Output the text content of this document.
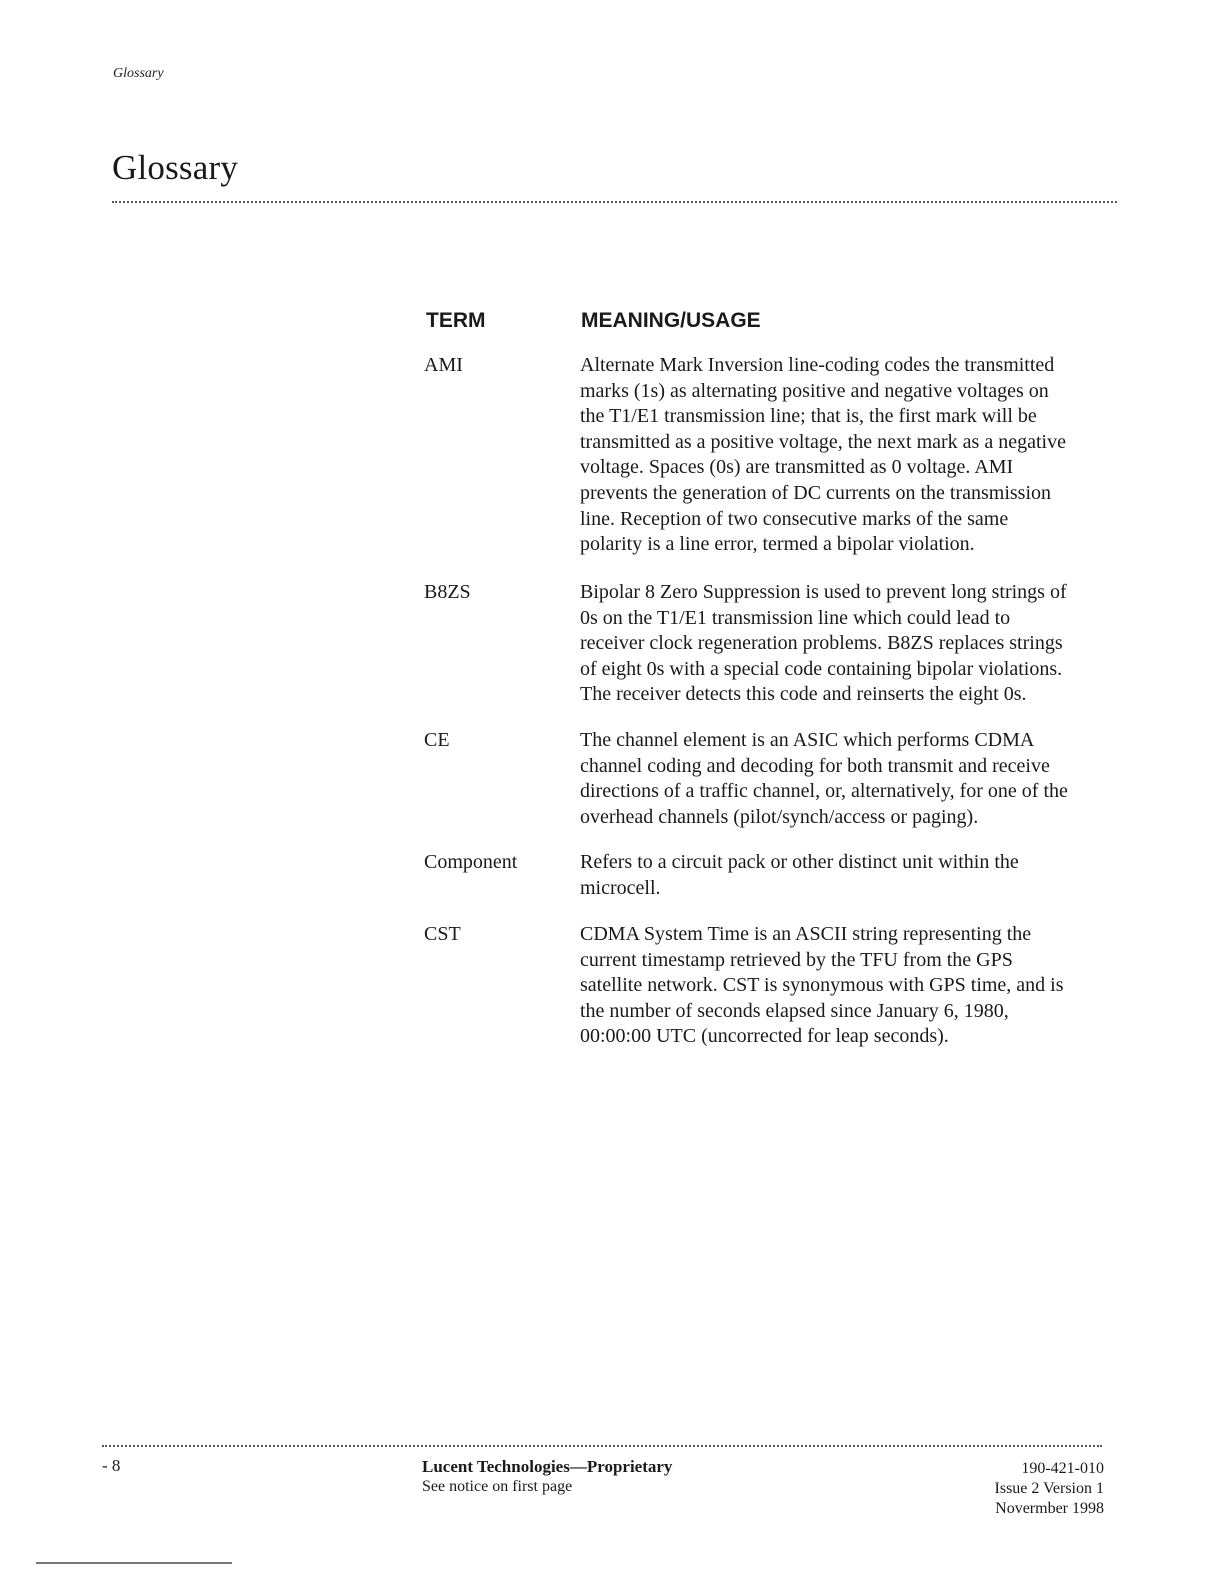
Glossary
Glossary
TERM	MEANING/USAGE
AMI	Alternate Mark Inversion line-coding codes the transmitted
marks (1s) as alternating positive and negative voltages on
the T1/E1 transmission line; that is, the first mark will be
transmitted as a positive voltage, the next mark as a negative
voltage. Spaces (0s) are transmitted as 0 voltage. AMI
prevents the generation of DC currents on the transmission
line. Reception of two consecutive marks of the same
polarity is a line error, termed a bipolar violation.

B8ZS	Bipolar 8 Zero Suppression is used to prevent long strings of
0s on the T1/E1 transmission line which could lead to
receiver clock regeneration problems. B8ZS replaces strings
of eight 0s with a special code containing bipolar violations.
The receiver detects this code and reinserts the eight 0s.

CE	The channel element is an ASIC which performs CDMA
channel coding and decoding for both transmit and receive
directions of a traffic channel, or, alternatively, for one of the
overhead channels (pilot/synch/access or paging).

Component	Refers to a circuit pack or other distinct unit within the
microcell.

CST	CDMA System Time is an ASCII string representing the
current timestamp retrieved by the TFU from the GPS
satellite network. CST is synonymous with GPS time, and is
the number of seconds elapsed since January 6, 1980,
00:00:00 UTC (uncorrected for leap seconds).

- 8	Lucent Technologies—Proprietary
See notice on first page
190-421-010
Issue 2 Version 1
Novermber 1998
